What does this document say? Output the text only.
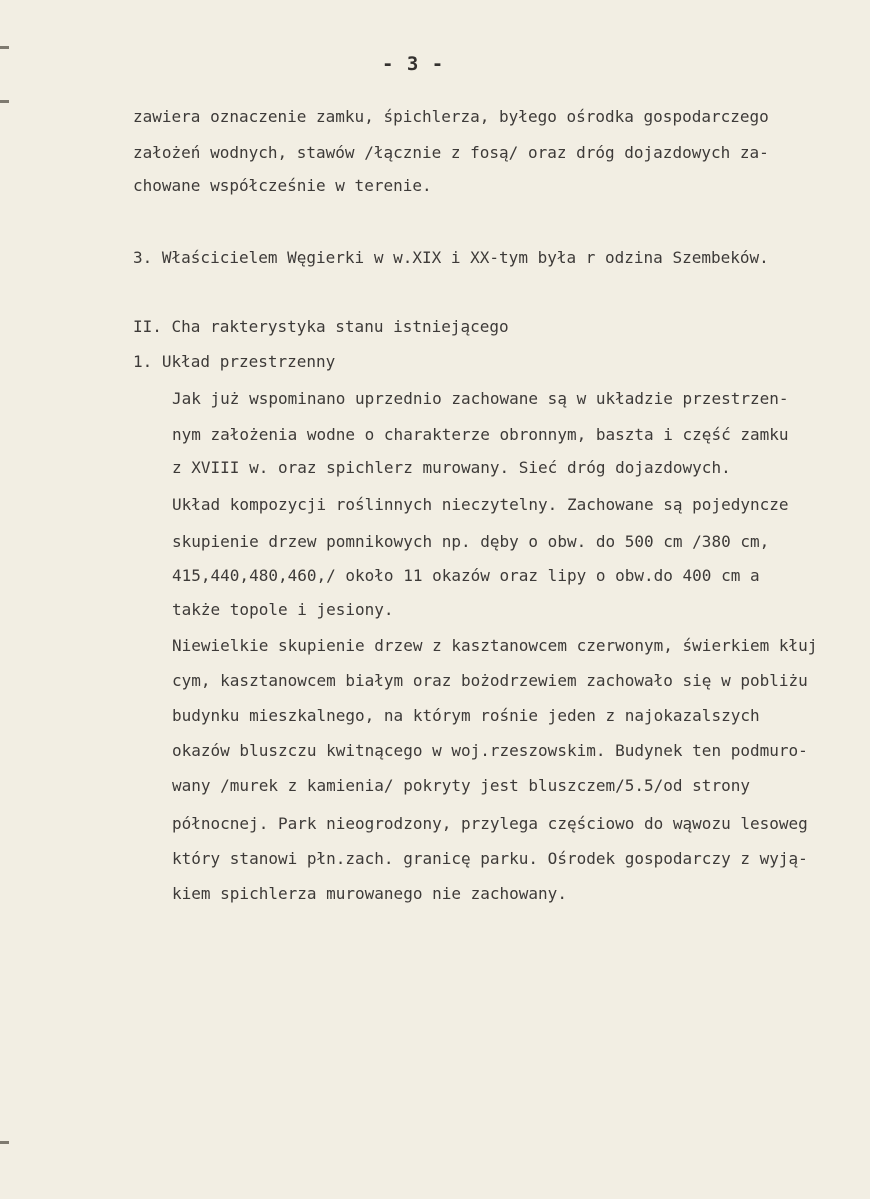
- 3 -

zawiera oznaczenie zamku, śpichlerza, byłego ośrodka gospodarczego

założeń wodnych, stawów /łącznie z fosą/ oraz dróg dojazdowych za-

chowane współcześnie w terenie.

3. Właścicielem Węgierki w w.XIX i XX-tym była r odzina Szembeków.

II. Cha rakterystyka stanu istniejącego

1. Układ przestrzenny

Jak już wspominano uprzednio zachowane są w układzie przestrzen-

nym założenia wodne o charakterze obronnym, baszta i część zamku

z XVIII w. oraz spichlerz murowany. Sieć dróg dojazdowych.

Układ kompozycji roślinnych nieczytelny. Zachowane są pojedyncze

skupienie drzew pomnikowych np. dęby o obw. do 500 cm /380 cm,

415,440,480,460,/ około 11 okazów oraz lipy o obw.do 400 cm a

także topole i jesiony.

Niewielkie skupienie drzew z kasztanowcem czerwonym, świerkiem kłuj

cym, kasztanowcem białym oraz bożodrzewiem zachowało się w pobliżu

budynku mieszkalnego, na którym rośnie jeden z najokazalszych

okazów bluszczu kwitnącego w woj.rzeszowskim. Budynek ten podmuro-

wany /murek z kamienia/ pokryty jest bluszczem/5.5/od strony

północnej. Park nieogrodzony, przylega częściowo do wąwozu lesoweg

który stanowi płn.zach. granicę parku. Ośrodek gospodarczy z wyją-

kiem spichlerza murowanego nie zachowany.
